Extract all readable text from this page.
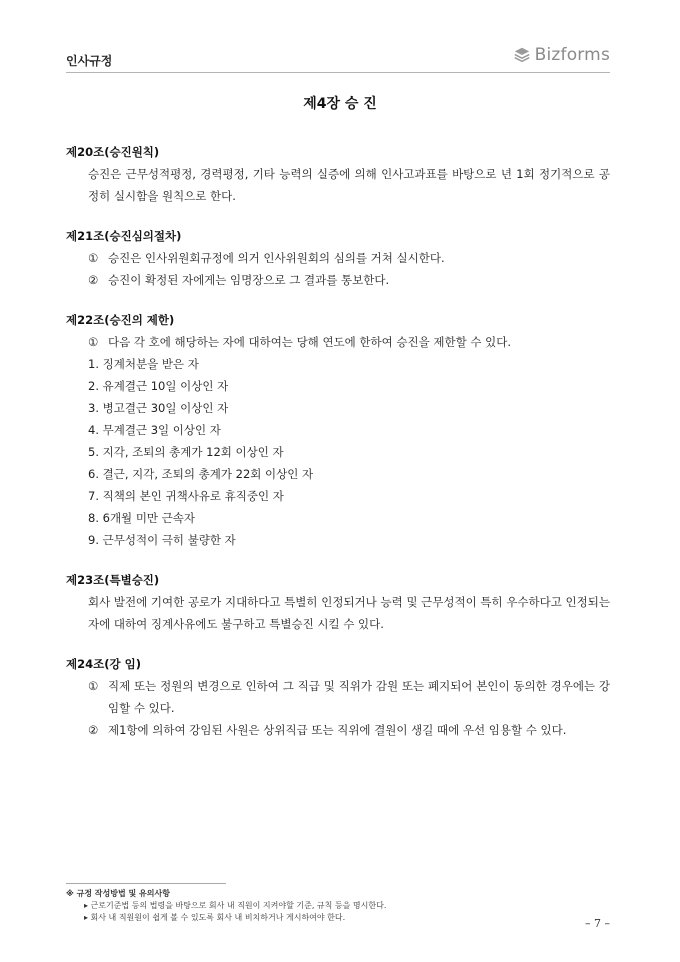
인사규정	Bizforms
제4장 승 진
제20조(승진원칙)

승진은 근무성적평정, 경력평정, 기타 능력의 실증에 의해 인사고과표를 바탕으로 년 1회 정기적으로 공정히 실시함을 원칙으로 한다.

제21조(승진심의절차)
① 승진은 인사위원회규정에 의거 인사위원회의 심의를 거쳐 실시한다.
② 승진이 확정된 자에게는 임명장으로 그 결과를 통보한다.
제22조(승진의 제한)
① 다음 각 호에 해당하는 자에 대하여는 당해 연도에 한하여 승진을 제한할 수 있다.
1. 징계처분을 받은 자
2. 유계결근 10일 이상인 자
3. 병고결근 30일 이상인 자
4. 무계결근 3일 이상인 자
5. 지각, 조퇴의 총계가 12회 이상인 자
6. 결근, 지각, 조퇴의 총계가 22회 이상인 자
7. 직책의 본인 귀책사유로 휴직중인 자
8. 6개월 미만 근속자
9. 근무성적이 극히 불량한 자
제23조(특별승진)

회사 발전에 기여한 공로가 지대하다고 특별히 인정되거나 능력 및 근무성적이 특히 우수하다고 인정되는 자에 대하여 징계사유에도 불구하고 특별승진 시킬 수 있다.

제24조(강 임)
① 직제 또는 정원의 변경으로 인하여 그 직급 및 직위가 감원 또는 폐지되어 본인이 동의한 경우에는 강임할 수 있다.
② 제1항에 의하여 강임된 사원은 상위직급 또는 직위에 결원이 생길 때에 우선 임용할 수 있다.
※ 규정 작성방법 및 유의사항
▸ 근로기준법 등의 법령을 바탕으로 회사 내 직원이 지켜야할 기준, 규칙 등을 명시한다.
▸ 회사 내 직원원이 쉽게 볼 수 있도록 회사 내 비치하거나 게시하여야 한다.	– 7 –
